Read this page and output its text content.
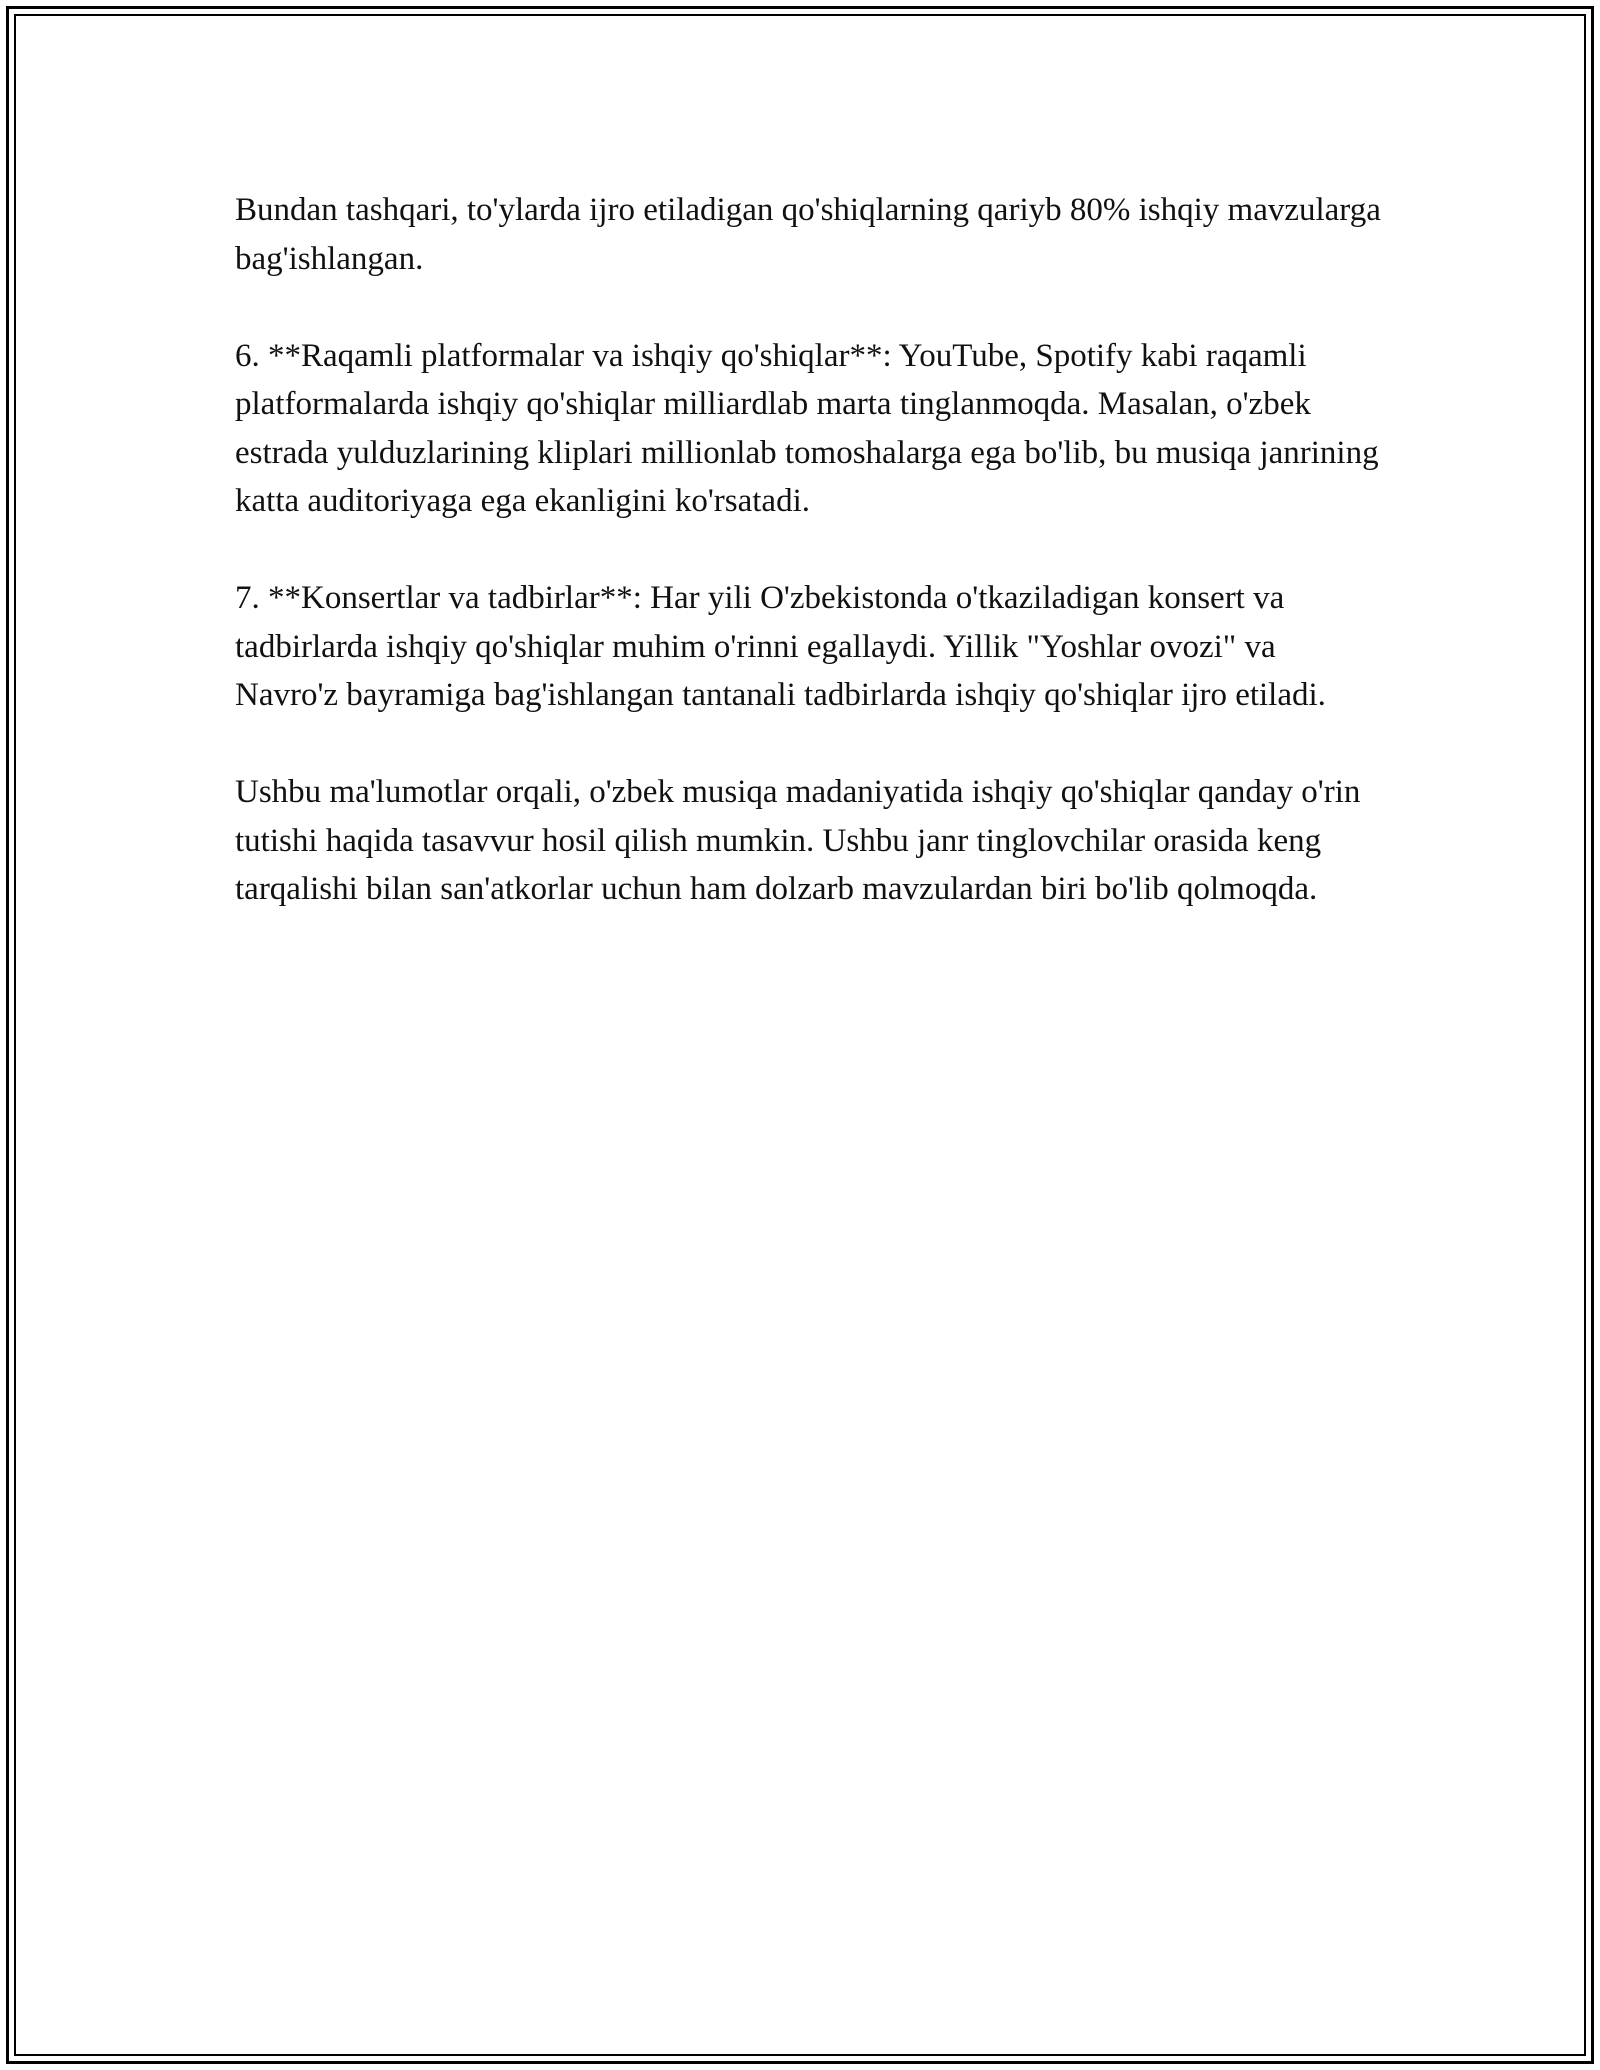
Bundan tashqari, to'ylarda ijro etiladigan qo'shiqlarning qariyb 80% ishqiy mavzularga bag'ishlangan.

6. **Raqamli platformalar va ishqiy qo'shiqlar**: YouTube, Spotify kabi raqamli platformalarda ishqiy qo'shiqlar milliardlab marta tinglanmoqda. Masalan, o'zbek estrada yulduzlarining kliplari millionlab tomoshalarga ega bo'lib, bu musiqa janrining katta auditoriyaga ega ekanligini ko'rsatadi.

7. **Konsertlar va tadbirlar**: Har yili O'zbekistonda o'tkaziladigan konsert va tadbirlarda ishqiy qo'shiqlar muhim o'rinni egallaydi. Yillik "Yoshlar ovozi" va Navro'z bayramiga bag'ishlangan tantanali tadbirlarda ishqiy qo'shiqlar ijro etiladi.

Ushbu ma'lumotlar orqali, o'zbek musiqa madaniyatida ishqiy qo'shiqlar qanday o'rin tutishi haqida tasavvur hosil qilish mumkin. Ushbu janr tinglovchilar orasida keng tarqalishi bilan san'atkorlar uchun ham dolzarb mavzulardan biri bo'lib qolmoqda.
